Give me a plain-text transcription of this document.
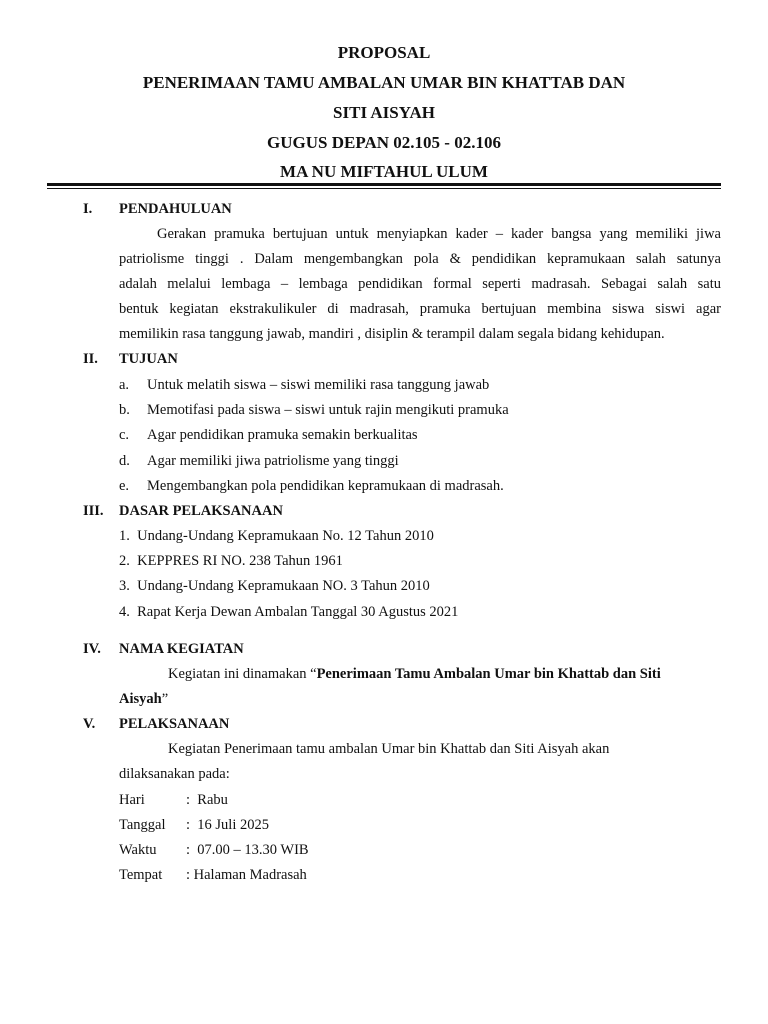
PROPOSAL

PENERIMAAN TAMU AMBALAN UMAR BIN KHATTAB DAN

SITI AISYAH

GUGUS DEPAN 02.105 - 02.106

MA NU MIFTAHUL ULUM

I. PENDAHULUAN
Gerakan pramuka bertujuan untuk menyiapkan kader – kader bangsa yang memiliki jiwa
patriolisme tinggi . Dalam mengembangkan pola & pendidikan kepramukaan salah satunya
adalah melalui lembaga – lembaga pendidikan formal seperti madrasah. Sebagai salah satu
bentuk kegiatan ekstrakulikuler di madrasah, pramuka bertujuan membina siswa siswi agar
memilikin rasa tanggung jawab, mandiri , disiplin & terampil dalam segala bidang kehidupan.
II. TUJUAN
a. Untuk melatih siswa – siswi memiliki rasa tanggung jawab
b. Memotifasi pada siswa – siswi untuk rajin mengikuti pramuka
c. Agar pendidikan pramuka semakin berkualitas
d. Agar memiliki jiwa patriolisme yang tinggi
e. Mengembangkan pola pendidikan kepramukaan di madrasah.
III. DASAR PELAKSANAAN
1.  Undang-Undang Kepramukaan No. 12 Tahun 2010
2.  KEPPRES RI NO. 238 Tahun 1961
3.  Undang-Undang Kepramukaan NO. 3 Tahun 2010
4.  Rapat Kerja Dewan Ambalan Tanggal 30 Agustus 2021
IV. NAMA KEGIATAN
Kegiatan ini dinamakan “Penerimaan Tamu Ambalan Umar bin Khattab dan Siti
Aisyah”
V. PELAKSANAAN
Kegiatan Penerimaan tamu ambalan Umar bin Khattab dan Siti Aisyah akan
dilaksanakan pada:
Hari	:  Rabu
Tanggal :  16 Juli 2025
Waktu :  07.00 – 13.30 WIB
Tempat : Halaman Madrasah
